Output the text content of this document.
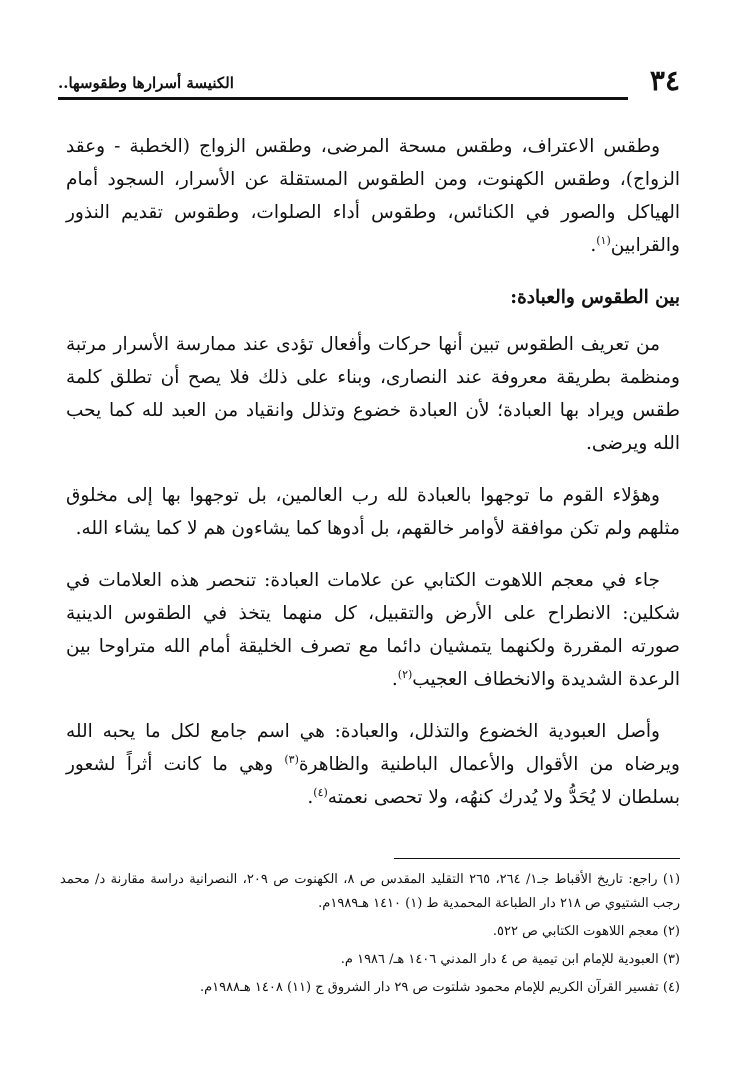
٣٤
الكنيسة أسرارها وطقوسها..

وطقس الاعتراف، وطقس مسحة المرضى، وطقس الزواج (الخطبة - وعقد الزواج)، وطقس الكهنوت، ومن الطقوس المستقلة عن الأسرار، السجود أمام الهياكل والصور في الكنائس، وطقوس أداء الصلوات، وطقوس تقديم النذور والقرابين$^{(١)}$.

بين الطقوس والعبادة:

من تعريف الطقوس تبين أنها حركات وأفعال تؤدى عند ممارسة الأسرار مرتبة ومنظمة بطريقة معروفة عند النصارى، وبناء على ذلك فلا يصح أن تطلق كلمة طقس ويراد بها العبادة؛ لأن العبادة خضوع وتذلل وانقياد من العبد لله كما يحب الله ويرضى.

وهؤلاء القوم ما توجهوا بالعبادة لله رب العالمين، بل توجهوا بها إلى مخلوق مثلهم ولم تكن موافقة لأوامر خالقهم، بل أدوها كما يشاءون هم لا كما يشاء الله.

جاء في معجم اللاهوت الكتابي عن علامات العبادة: تنحصر هذه العلامات في شكلين: الانطراح على الأرض والتقبيل، كل منهما يتخذ في الطقوس الدينية صورته المقررة ولكنهما يتمشيان دائما مع تصرف الخليقة أمام الله متراوحا بين الرعدة الشديدة والانخطاف العجيب$^{(٢)}$.

وأصل العبودية الخضوع والتذلل، والعبادة: هي اسم جامع لكل ما يحبه الله ويرضاه من الأقوال والأعمال الباطنية والظاهرة$^{(٣)}$ وهي ما كانت أثراً لشعور بسلطان لا يُحَدُّ ولا يُدرك كنهُه، ولا تحصى نعمته$^{(٤)}$.

(١) راجع: تاريخ الأقباط جـ١/ ٢٦٤، ٢٦٥ التقليد المقدس ص ٨، الكهنوت ص ٢٠٩، النصرانية دراسة مقارنة د/ محمد رجب الشتيوي ص ٢١٨ دار الطباعة المحمدية ط (١) ١٤١٠ هـ١٩٨٩م.

(٢) معجم اللاهوت الكتابي ص ٥٢٢.

(٣) العبودية للإمام ابن تيمية ص ٤ دار المدني ١٤٠٦ هـ/ ١٩٨٦ م.

(٤) تفسير القرآن الكريم للإمام محمود شلتوت ص ٢٩ دار الشروق ج (١١) ١٤٠٨ هـ١٩٨٨م.
